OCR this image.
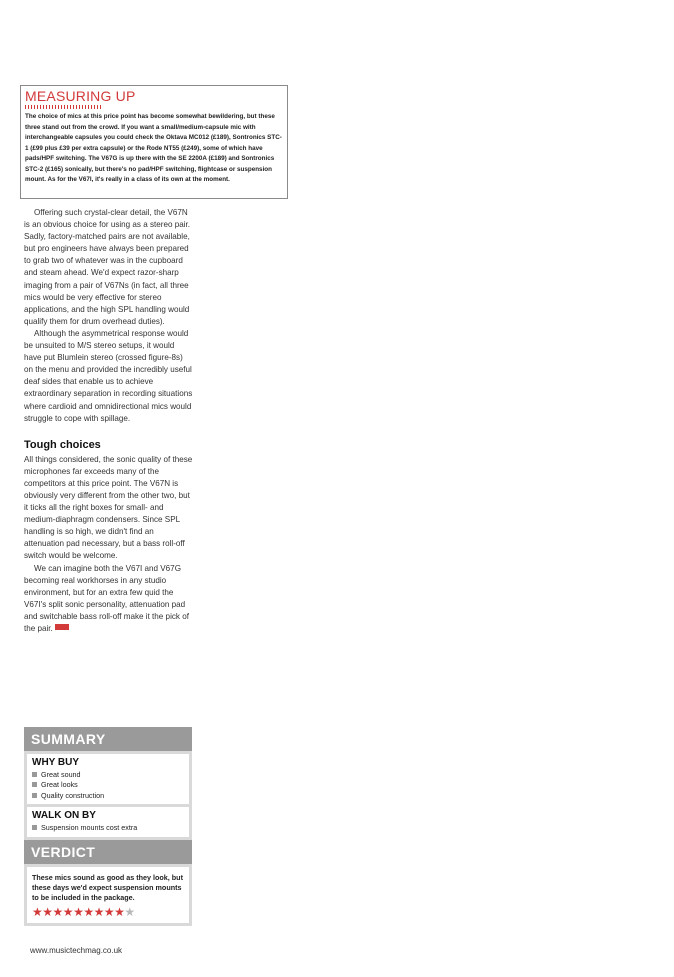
MEASURING UP
The choice of mics at this price point has become somewhat bewildering, but these three stand out from the crowd. If you want a small/medium-capsule mic with interchangeable capsules you could check the Oktava MC012 (£189), Sontronics STC-1 (£99 plus £39 per extra capsule) or the Rode NT55 (£249), some of which have pads/HPF switching. The V67G is up there with the SE 2200A (£189) and Sontronics STC-2 (£165) sonically, but there's no pad/HPF switching, flightcase or suspension mount. As for the V67I, it's really in a class of its own at the moment.

Offering such crystal-clear detail, the V67N is an obvious choice for using as a stereo pair. Sadly, factory-matched pairs are not available, but pro engineers have always been prepared to grab two of whatever was in the cupboard and steam ahead. We'd expect razor-sharp imaging from a pair of V67Ns (in fact, all three mics would be very effective for stereo applications, and the high SPL handling would qualify them for drum overhead duties).

Although the asymmetrical response would be unsuited to M/S stereo setups, it would have put Blumlein stereo (crossed figure-8s) on the menu and provided the incredibly useful deaf sides that enable us to achieve extraordinary separation in recording situations where cardioid and omnidirectional mics would struggle to cope with spillage.

Tough choices

All things considered, the sonic quality of these microphones far exceeds many of the competitors at this price point. The V67N is obviously very different from the other two, but it ticks all the right boxes for small- and medium-diaphragm condensers. Since SPL handling is so high, we didn't find an attenuation pad necessary, but a bass roll-off switch would be welcome.

We can imagine both the V67I and V67G becoming real workhorses in any studio environment, but for an extra few quid the V67I's split sonic personality, attenuation pad and switchable bass roll-off make it the pick of the pair.

SUMMARY
WHY BUY
Great sound
Great looks
Quality construction
WALK ON BY
Suspension mounts cost extra
VERDICT
These mics sound as good as they look, but these days we'd expect suspension mounts to be included in the package.
★★★★★★★★★★
www.musictechmag.co.uk
